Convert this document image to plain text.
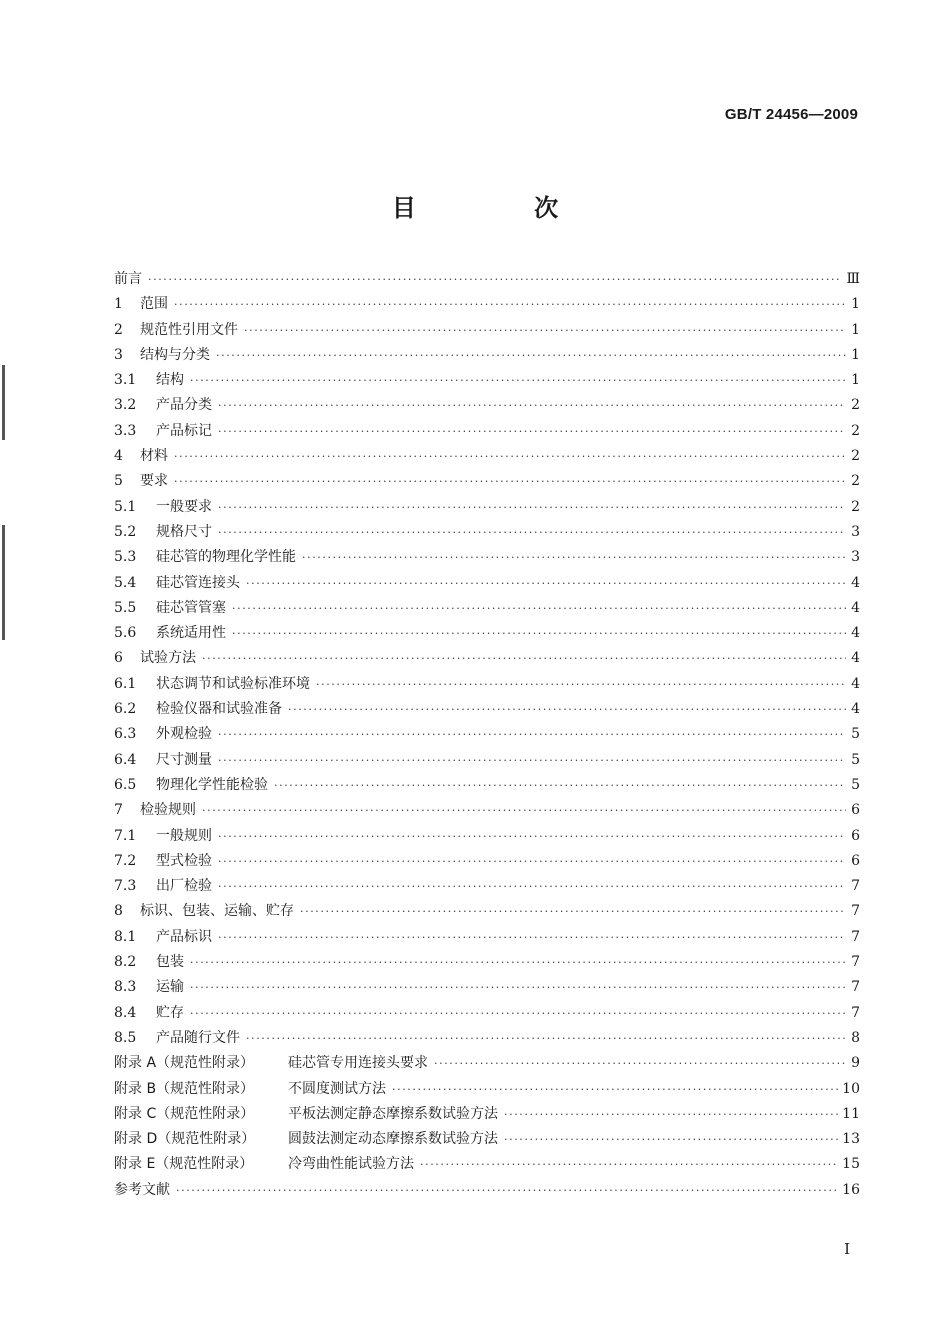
GB/T 24456—2009
目 次
前言 ·····	Ⅲ
1	范围 ·····	1
2	规范性引用文件 ·····	1
3	结构与分类 ·····	1
3.1	结构 ·····	1
3.2	产品分类 ·····	2
3.3	产品标记 ·····	2
4	材料 ·····	2
5	要求 ·····	2
5.1	一般要求 ·····	2
5.2	规格尺寸 ·····	3
5.3	硅芯管的物理化学性能 ·····	3
5.4	硅芯管连接头 ·····	4
5.5	硅芯管管塞 ·····	4
5.6	系统适用性 ·····	4
6	试验方法 ·····	4
6.1	状态调节和试验标准环境 ·····	4
6.2	检验仪器和试验准备 ·····	4
6.3	外观检验 ·····	5
6.4	尺寸测量 ·····	5
6.5	物理化学性能检验 ·····	5
7	检验规则 ·····	6
7.1	一般规则 ·····	6
7.2	型式检验 ·····	6
7.3	出厂检验 ·····	7
8	标识、包装、运输、贮存 ·····	7
8.1	产品标识 ·····	7
8.2	包装 ·····	7
8.3	运输 ·····	7
8.4	贮存 ·····	7
8.5	产品随行文件 ·····	8
附录 A（规范性附录）	硅芯管专用连接头要求 ·····	9
附录 B（规范性附录）	不圆度测试方法 ·····	10
附录 C（规范性附录）	平板法测定静态摩擦系数试验方法 ·····	11
附录 D（规范性附录）	圆鼓法测定动态摩擦系数试验方法 ·····	13
附录 E（规范性附录）	冷弯曲性能试验方法 ·····	15
参考文献 ·····	16
I
